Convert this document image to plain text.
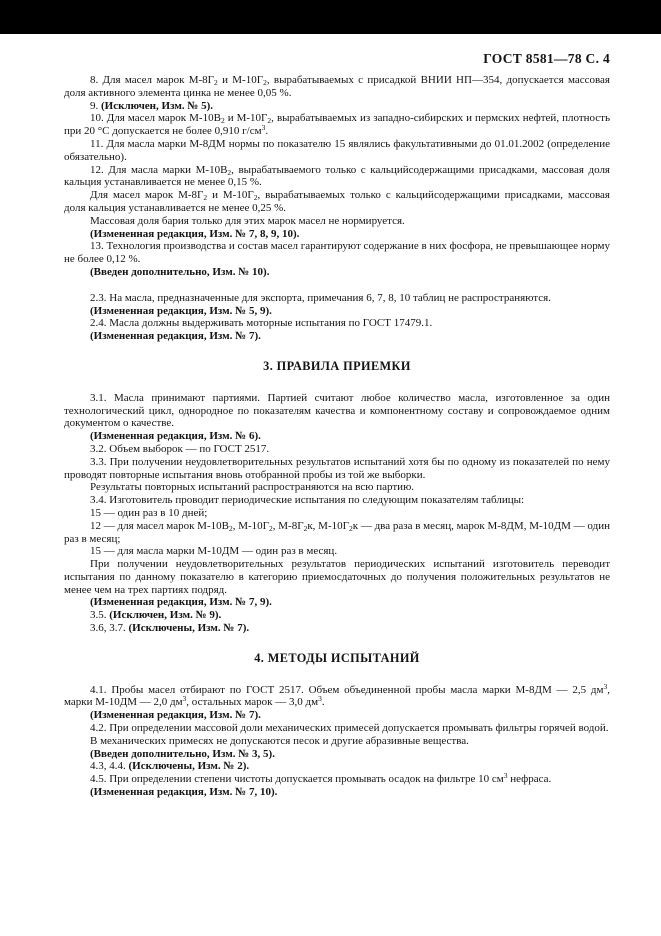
ГОСТ 8581—78 С. 4

8. Для масел марок $М-8Г_2$ и $М-10Г_2$, вырабатываемых с присадкой ВНИИ НП—354, допускается массовая доля активного элемента цинка не менее 0,05 %.

9. (Исключен, Изм. № 5).

10. Для масел марок $М-10В_2$ и $М-10Г_2$, вырабатываемых из западно-сибирских и пермских нефтей, плотность при 20 °С допускается не более 0,910 $г/см^3$.

11. Для масла марки М-8ДМ нормы по показателю 15 являлись факультативными до 01.01.2002 (определение обязательно).

12. Для масла марки $М-10В_2$, вырабатываемого только с кальцийсодержащими присадками, массовая доля кальция устанавливается не менее 0,15 %.

Для масел марок $М-8Г_2$ и $М-10Г_2$, вырабатываемых только с кальцийсодержащими присадками, массовая доля кальция устанавливается не менее 0,25 %.

Массовая доля бария только для этих марок масел не нормируется.

(Измененная редакция, Изм. № 7, 8, 9, 10).

13. Технология производства и состав масел гарантируют содержание в них фосфора, не превышающее норму не более 0,12 %.

(Введен дополнительно, Изм. № 10).

2.3. На масла, предназначенные для экспорта, примечания 6, 7, 8, 10 таблиц не распространяются.

(Измененная редакция, Изм. № 5, 9).

2.4. Масла должны выдерживать моторные испытания по ГОСТ 17479.1.

(Измененная редакция, Изм. № 7).

3. ПРАВИЛА ПРИЕМКИ

3.1. Масла принимают партиями. Партией считают любое количество масла, изготовленное за один технологический цикл, однородное по показателям качества и компонентному составу и сопровождаемое одним документом о качестве.

(Измененная редакция, Изм. № 6).

3.2. Объем выборок — по ГОСТ 2517.

3.3. При получении неудовлетворительных результатов испытаний хотя бы по одному из показателей по нему проводят повторные испытания вновь отобранной пробы из той же выборки.

Результаты повторных испытаний распространяются на всю партию.

3.4. Изготовитель проводит периодические испытания по следующим показателям таблицы:

15 — один раз в 10 дней;

12 — для масел марок $М-10В_2$, $М-10Г_2$, $М-8Г_2к$, $М-10Г_2к$ — два раза в месяц, марок М-8ДМ, М-10ДМ — один раз в месяц;

15 — для масла марки М-10ДМ — один раз в месяц.

При получении неудовлетворительных результатов периодических испытаний изготовитель переводит испытания по данному показателю в категорию приемосдаточных до получения положительных результатов не менее чем на трех партиях подряд.

(Измененная редакция, Изм. № 7, 9).

3.5. (Исключен, Изм. № 9).

3.6, 3.7. (Исключены, Изм. № 7).

4. МЕТОДЫ ИСПЫТАНИЙ

4.1. Пробы масел отбирают по ГОСТ 2517. Объем объединенной пробы масла марки М-8ДМ — 2,5 $дм^3$, марки М-10ДМ — 2,0 $дм^3$, остальных марок — 3,0 $дм^3$.

(Измененная редакция, Изм. № 7).

4.2. При определении массовой доли механических примесей допускается промывать фильтры горячей водой.

В механических примесях не допускаются песок и другие абразивные вещества.

(Введен дополнительно, Изм. № 3, 5).

4.3, 4.4. (Исключены, Изм. № 2).

4.5. При определении степени чистоты допускается промывать осадок на фильтре 10 $см^3$ нефраса.

(Измененная редакция, Изм. № 7, 10).
